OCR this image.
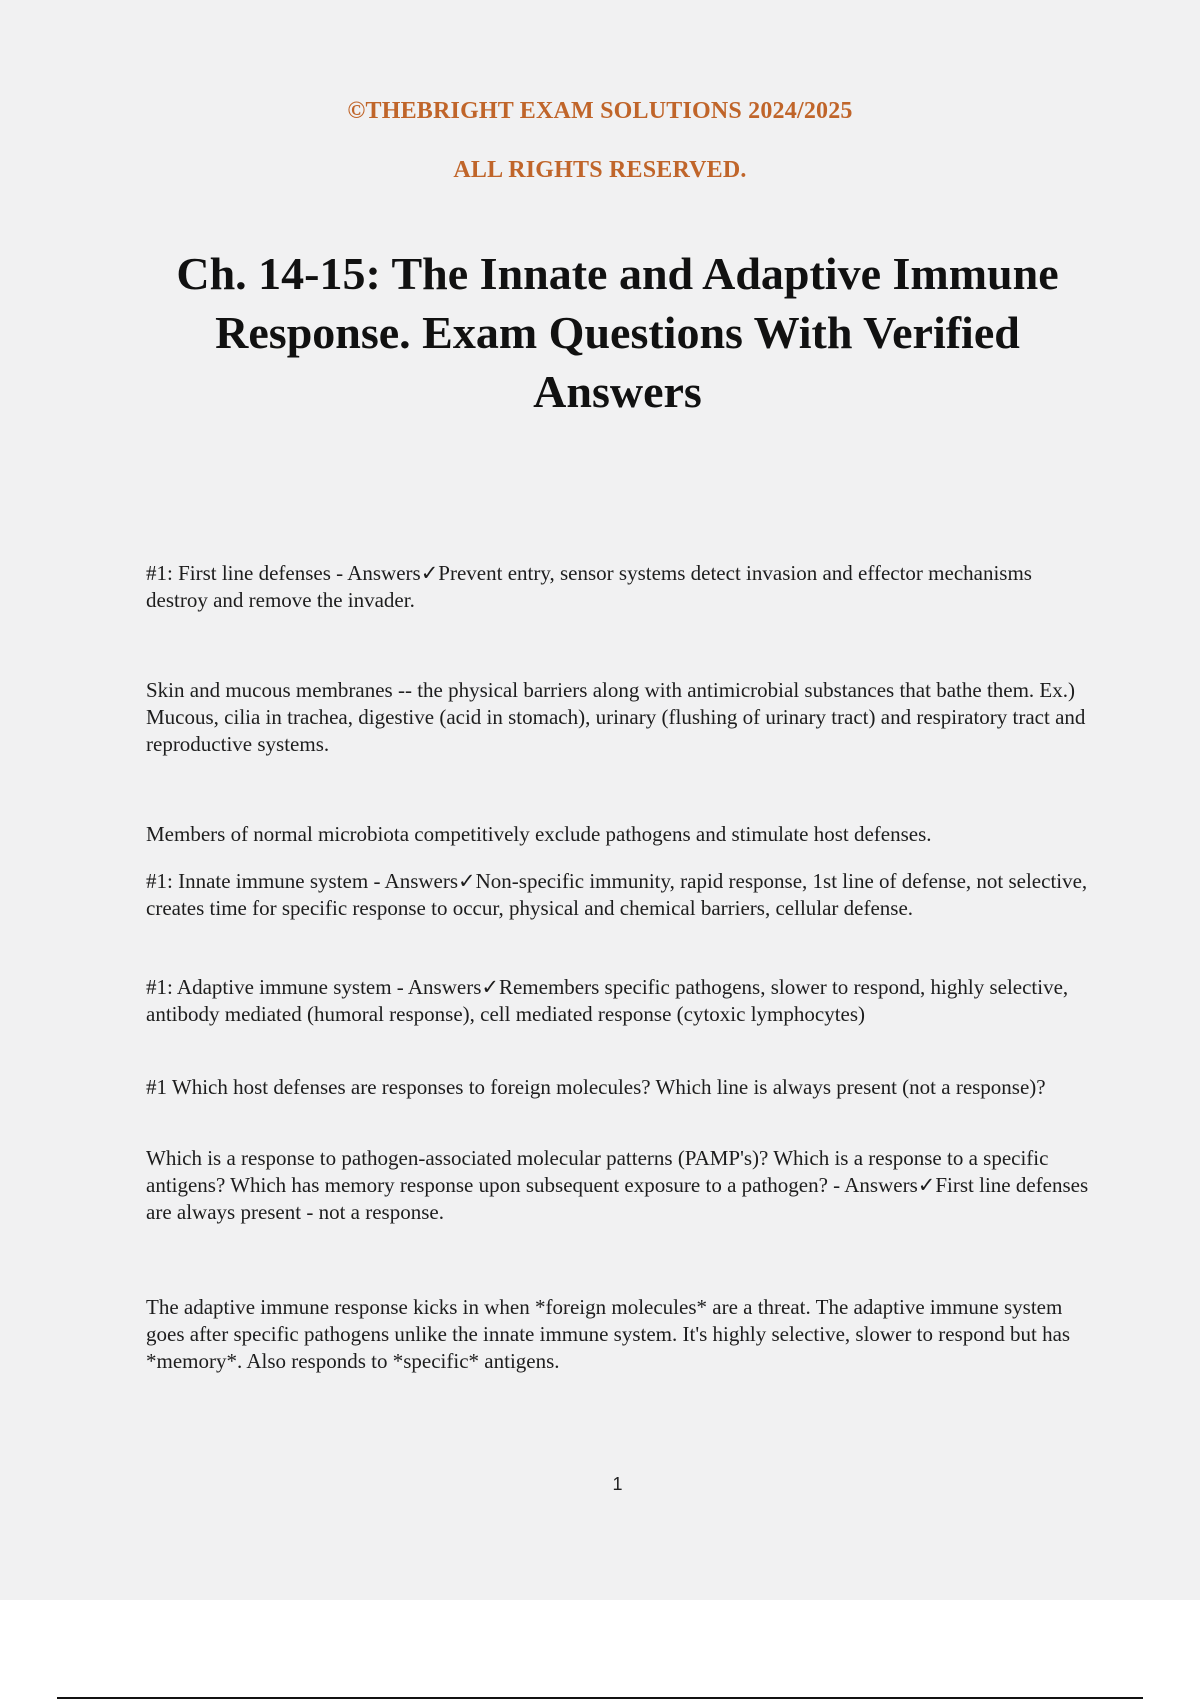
©THEBRIGHT EXAM SOLUTIONS 2024/2025
ALL RIGHTS RESERVED.
Ch. 14-15: The Innate and Adaptive Immune Response. Exam Questions With Verified Answers
#1: First line defenses - Answers✓Prevent entry, sensor systems detect invasion and effector mechanisms destroy and remove the invader.
Skin and mucous membranes -- the physical barriers along with antimicrobial substances that bathe them. Ex.) Mucous, cilia in trachea, digestive (acid in stomach), urinary (flushing of urinary tract) and respiratory tract and reproductive systems.
Members of normal microbiota competitively exclude pathogens and stimulate host defenses.
#1: Innate immune system - Answers✓Non-specific immunity, rapid response, 1st line of defense, not selective, creates time for specific response to occur, physical and chemical barriers, cellular defense.
#1: Adaptive immune system - Answers✓Remembers specific pathogens, slower to respond, highly selective, antibody mediated (humoral response), cell mediated response (cytoxic lymphocytes)
#1 Which host defenses are responses to foreign molecules? Which line is always present (not a response)?
Which is a response to pathogen-associated molecular patterns (PAMP's)? Which is a response to a specific antigens? Which has memory response upon subsequent exposure to a pathogen? - Answers✓First line defenses are always present - not a response.
The adaptive immune response kicks in when *foreign molecules* are a threat. The adaptive immune system goes after specific pathogens unlike the innate immune system. It's highly selective, slower to respond but has *memory*. Also responds to *specific* antigens.
1
